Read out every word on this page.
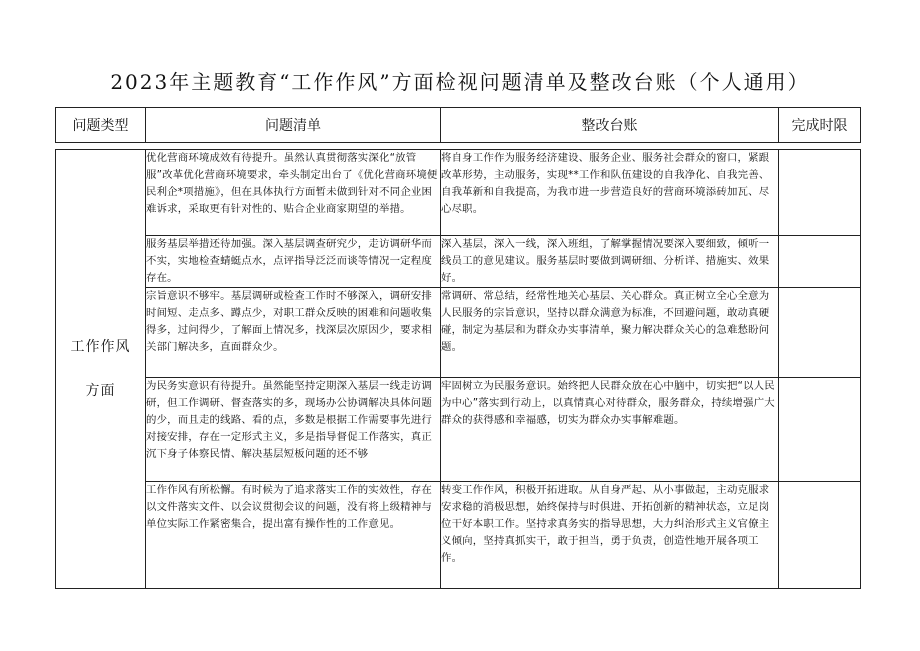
2023年主题教育“工作作风”方面检视问题清单及整改台账（个人通用）
问题类型	问题清单	整改台账	完成时限

工作作风
方面	优化营商环境成效有待提升。虽然认真贯彻落实深化“放管服”改革优化营商环境要求，牵头制定出台了《优化营商环境便民利企*项措施》，但在具体执行方面暂未做到针对不同企业困难诉求，采取更有针对性的、贴合企业商家期望的举措。	将自身工作作为服务经济建设、服务企业、服务社会群众的窗口，紧跟改革形势，主动服务，实现**工作和队伍建设的自我净化、自我完善、自我革新和自我提高，为我市进一步营造良好的营商环境添砖加瓦、尽心尽职。	
	服务基层举措还待加强。深入基层调查研究少，走访调研华而不实，实地检查蜻蜓点水，点评指导泛泛而谈等情况一定程度存在。	深入基层，深入一线，深入班组，了解掌握情况要深入要细致，倾听一线员工的意见建议。服务基层时要做到调研细、分析详、措施实、效果好。	
	宗旨意识不够牢。基层调研或检查工作时不够深入，调研安排时间短、走点多、蹲点少，对职工群众反映的困难和问题收集得多，过问得少，了解面上情况多，找深层次原因少，要求相关部门解决多，直面群众少。	常调研、常总结，经常性地关心基层、关心群众。真正树立全心全意为人民服务的宗旨意识，坚持以群众满意为标准，不回避问题，敢动真硬碰，制定为基层和为群众办实事清单，聚力解决群众关心的急难愁盼问题。	
	为民务实意识有待提升。虽然能坚持定期深入基层一线走访调研，但工作调研、督查落实的多，现场办公协调解决具体问题的少，而且走的线路、看的点，多数是根据工作需要事先进行对接安排，存在一定形式主义，多是指导督促工作落实，真正沉下身子体察民情、解决基层短板问题的还不够	牢固树立为民服务意识。始终把人民群众放在心中脑中，切实把“以人民为中心”落实到行动上，以真情真心对待群众，服务群众，持续增强广大群众的获得感和幸福感，切实为群众办实事解难题。	
	工作作风有所松懈。有时候为了追求落实工作的实效性，存在以文件落实文件、以会议贯彻会议的问题，没有将上级精神与单位实际工作紧密集合，提出富有操作性的工作意见。	转变工作作风，积极开拓进取。从自身严起、从小事做起，主动克服求安求稳的消极思想，始终保持与时俱进、开拓创新的精神状态，立足岗位干好本职工作。坚持求真务实的指导思想，大力纠治形式主义官僚主义倾向，坚持真抓实干，敢于担当，勇于负责，创造性地开展各项工作。	
